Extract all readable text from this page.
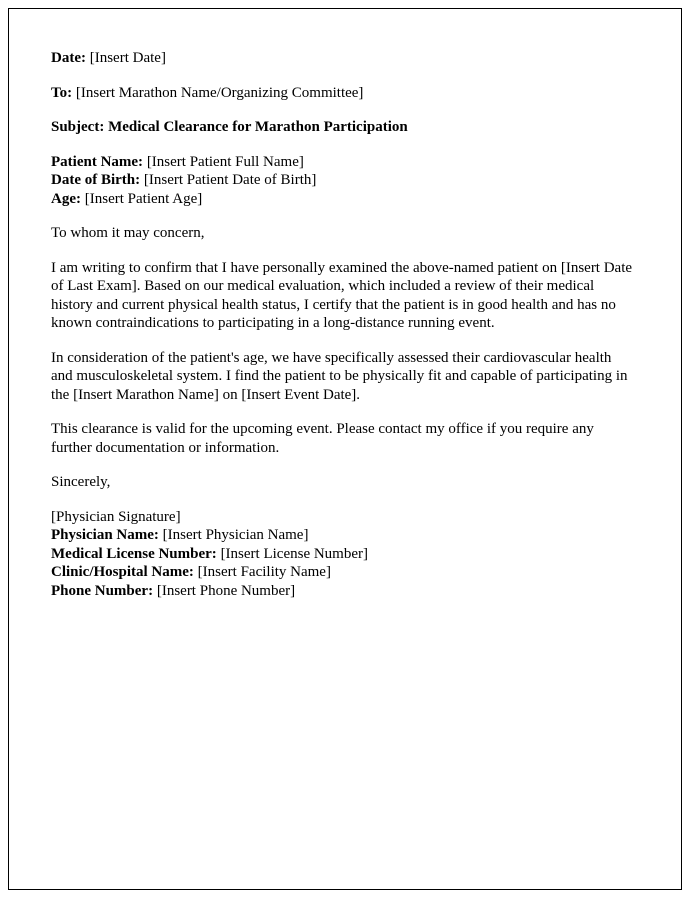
Date: [Insert Date]

To: [Insert Marathon Name/Organizing Committee]

Subject: Medical Clearance for Marathon Participation

Patient Name: [Insert Patient Full Name]
Date of Birth: [Insert Patient Date of Birth]
Age: [Insert Patient Age]

To whom it may concern,

I am writing to confirm that I have personally examined the above-named patient on [Insert Date of Last Exam]. Based on our medical evaluation, which included a review of their medical history and current physical health status, I certify that the patient is in good health and has no known contraindications to participating in a long-distance running event.

In consideration of the patient's age, we have specifically assessed their cardiovascular health and musculoskeletal system. I find the patient to be physically fit and capable of participating in the [Insert Marathon Name] on [Insert Event Date].

This clearance is valid for the upcoming event. Please contact my office if you require any further documentation or information.

Sincerely,

[Physician Signature]
Physician Name: [Insert Physician Name]
Medical License Number: [Insert License Number]
Clinic/Hospital Name: [Insert Facility Name]
Phone Number: [Insert Phone Number]
